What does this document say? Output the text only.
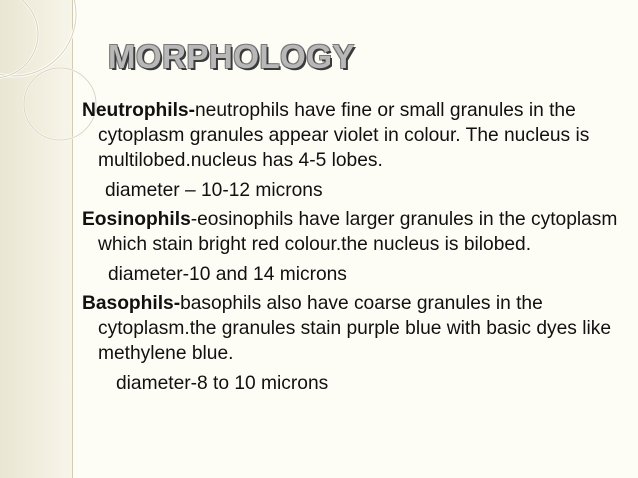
MORPHOLOGY

Neutrophils-neutrophils have fine or small granules in the cytoplasm granules appear violet in colour. The nucleus is multilobed.nucleus has 4-5 lobes.

diameter – 10-12 microns

Eosinophils-eosinophils have larger granules in the cytoplasm which stain bright red colour.the nucleus is bilobed.

diameter-10 and 14 microns

Basophils-basophils also have coarse granules in the cytoplasm.the granules stain purple blue with basic dyes like methylene blue.

diameter-8 to 10 microns
